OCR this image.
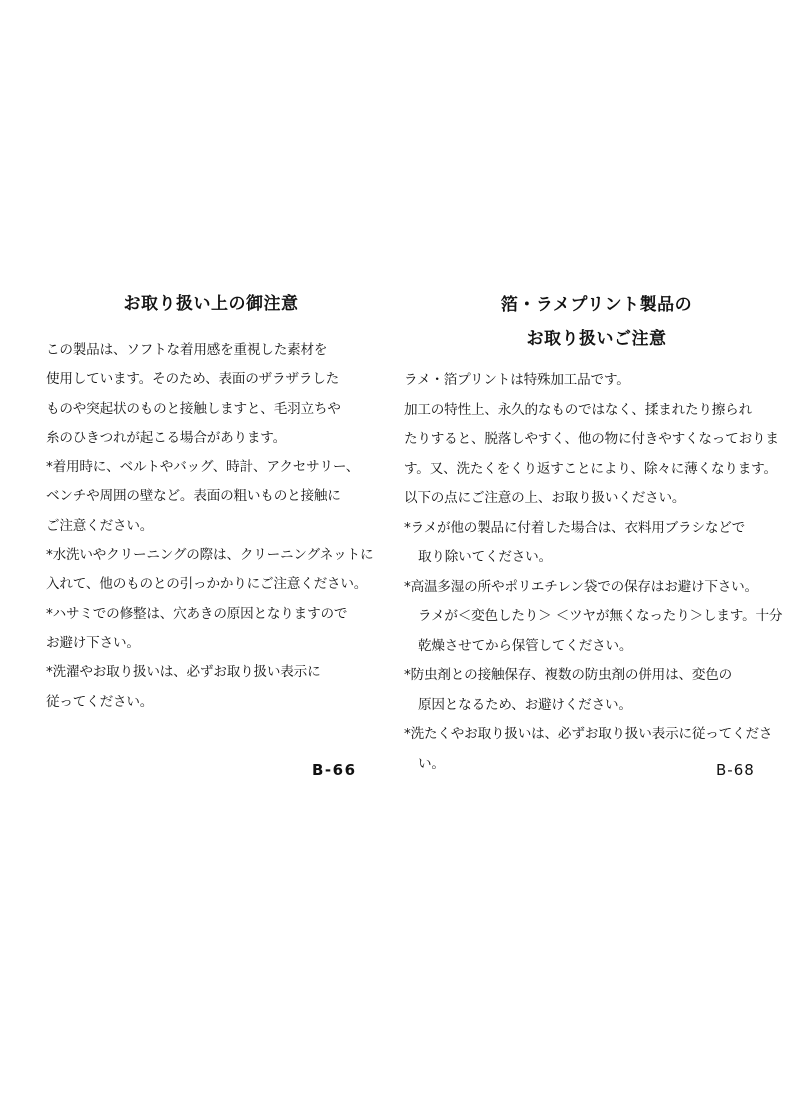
お取り扱い上の御注意
この製品は、ソフトな着用感を重視した素材を
使用しています。そのため、表面のザラザラした
ものや突起状のものと接触しますと、毛羽立ちや
糸のひきつれが起こる場合があります。
*着用時に、ベルトやバッグ、時計、アクセサリー、
ベンチや周囲の壁など。表面の粗いものと接触に
ご注意ください。
*水洗いやクリーニングの際は、クリーニングネットに
入れて、他のものとの引っかかりにご注意ください。
*ハサミでの修整は、穴あきの原因となりますので
お避け下さい。
*洗濯やお取り扱いは、必ずお取り扱い表示に
従ってください。
B-66
箔・ラメプリント製品の
お取り扱いご注意
ラメ・箔プリントは特殊加工品です。
加工の特性上、永久的なものではなく、揉まれたり擦られ
たりすると、脱落しやすく、他の物に付きやすくなっておりま
す。又、洗たくをくり返すことにより、除々に薄くなります。
以下の点にご注意の上、お取り扱いください。
*ラメが他の製品に付着した場合は、衣料用ブラシなどで
取り除いてください。
*高温多湿の所やポリエチレン袋での保存はお避け下さい。
ラメが＜変色したり＞ ＜ツヤが無くなったり＞します。十分
乾燥させてから保管してください。
*防虫剤との接触保存、複数の防虫剤の併用は、変色の
原因となるため、お避けください。
*洗たくやお取り扱いは、必ずお取り扱い表示に従ってくださ
い。	B-68
